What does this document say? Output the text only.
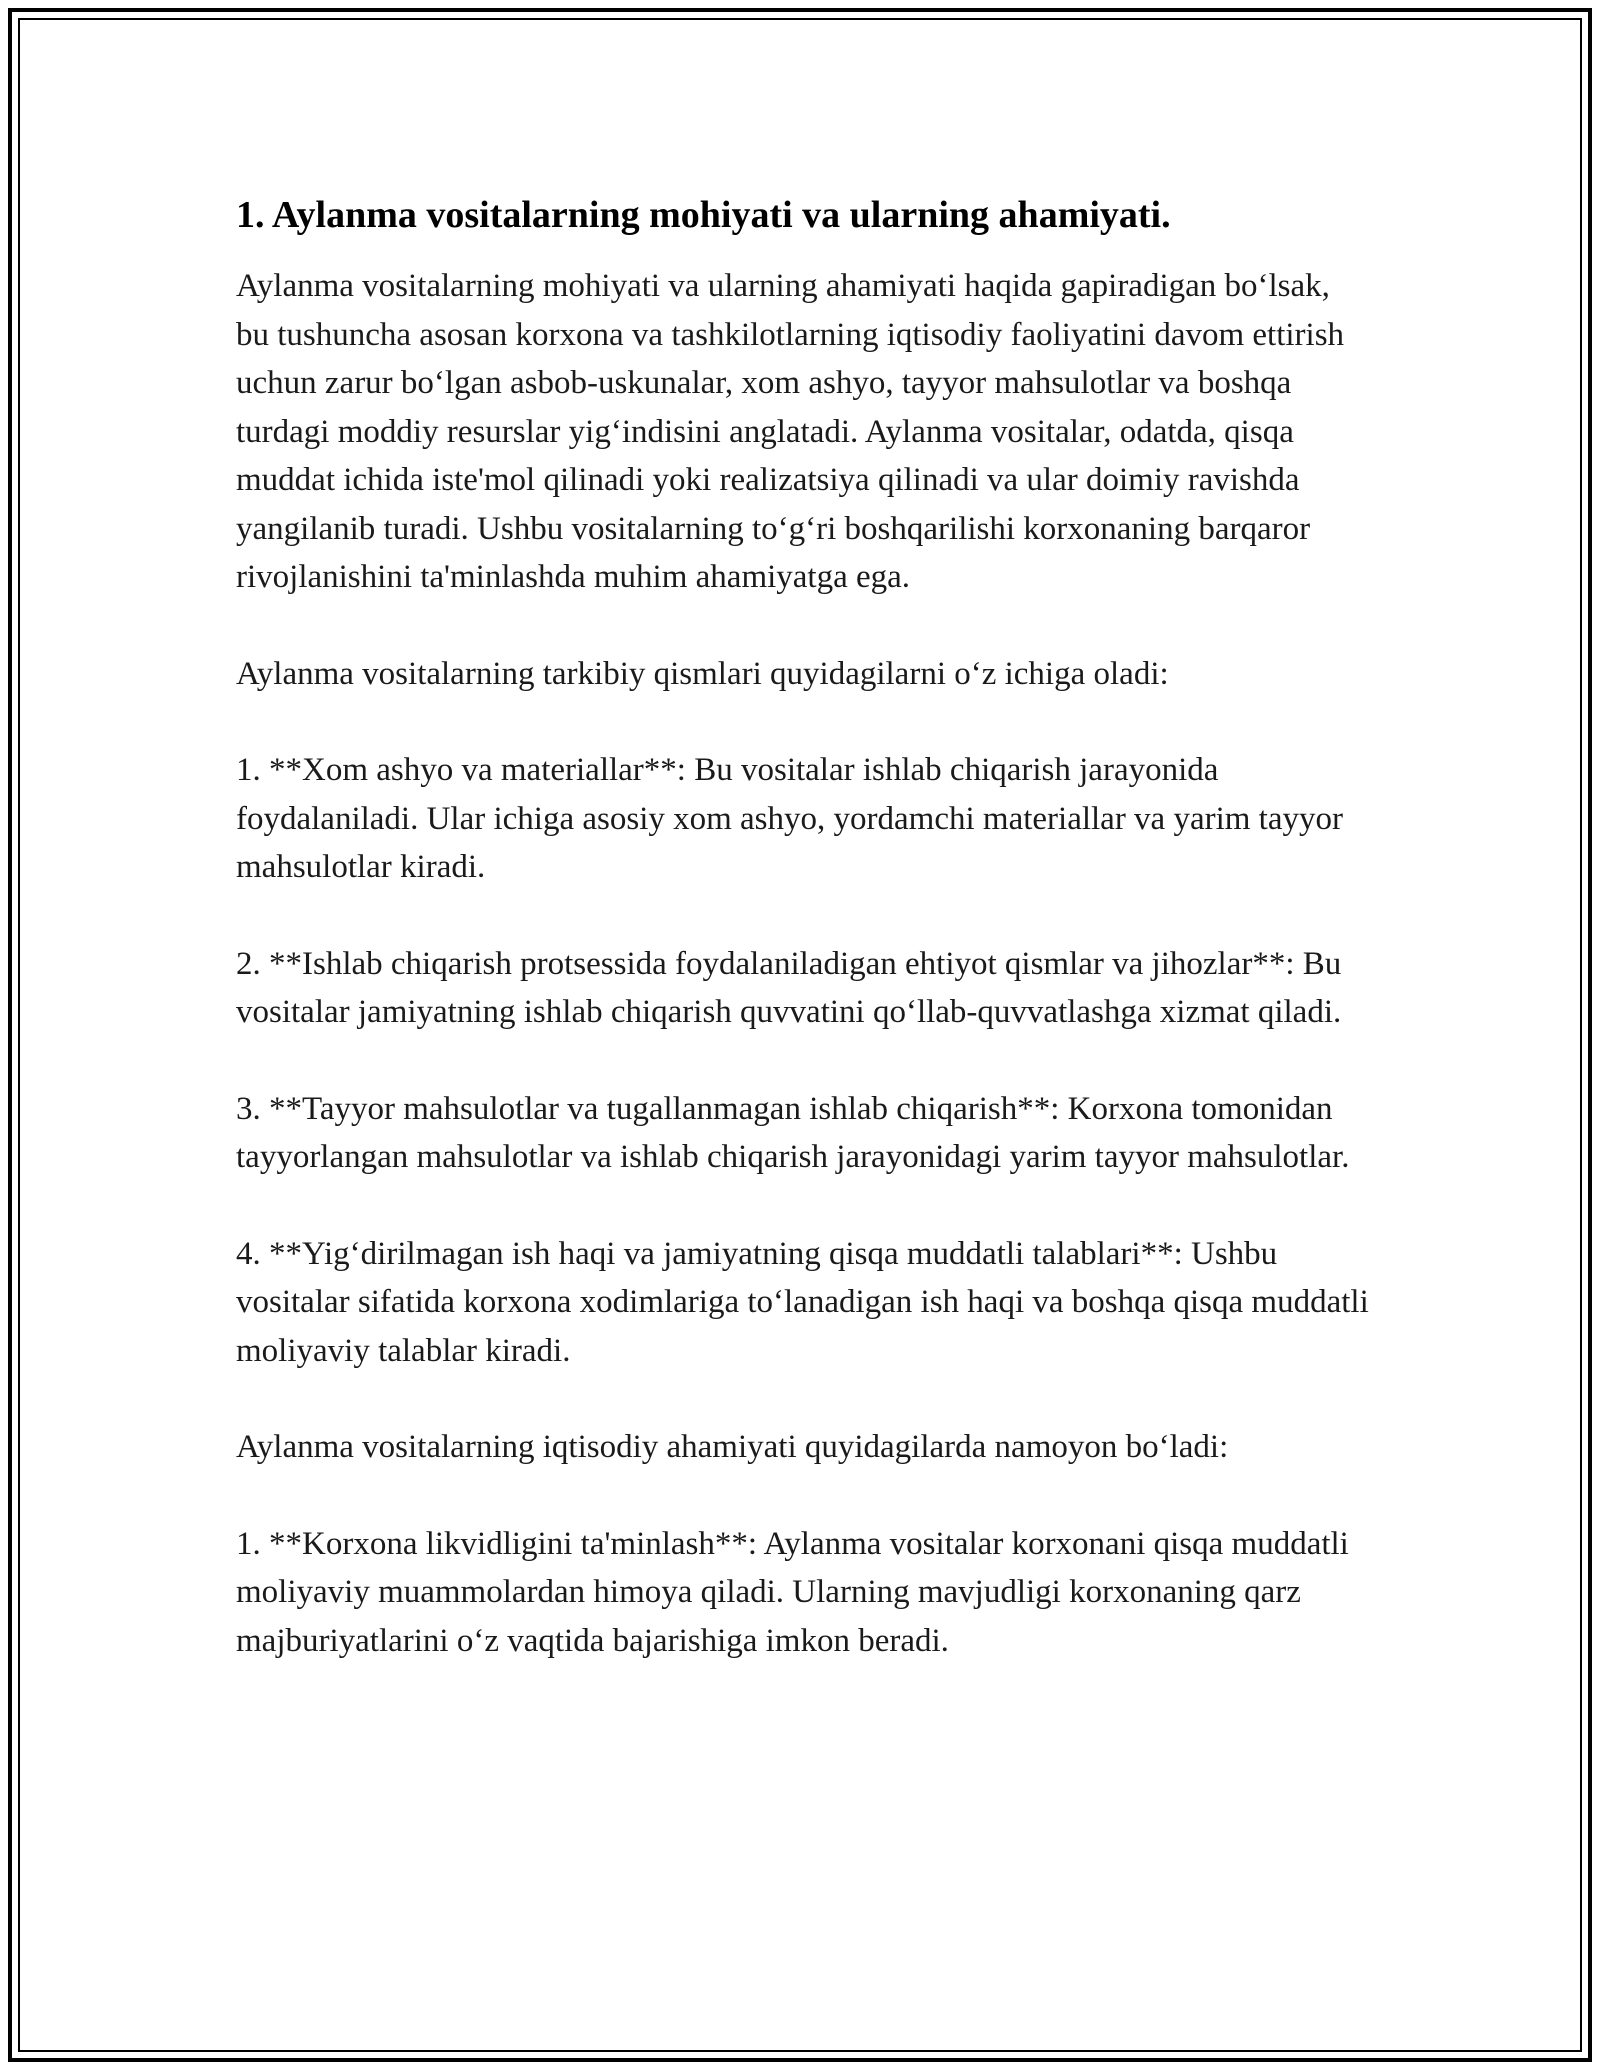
1. Aylanma vositalarning mohiyati va ularning ahamiyati.

Aylanma vositalarning mohiyati va ularning ahamiyati haqida gapiradigan bo‘lsak, bu tushuncha asosan korxona va tashkilotlarning iqtisodiy faoliyatini davom ettirish uchun zarur bo‘lgan asbob-uskunalar, xom ashyo, tayyor mahsulotlar va boshqa turdagi moddiy resurslar yig‘indisini anglatadi. Aylanma vositalar, odatda, qisqa muddat ichida iste'mol qilinadi yoki realizatsiya qilinadi va ular doimiy ravishda yangilanib turadi. Ushbu vositalarning to‘g‘ri boshqarilishi korxonaning barqaror rivojlanishini ta'minlashda muhim ahamiyatga ega.

Aylanma vositalarning tarkibiy qismlari quyidagilarni o‘z ichiga oladi:

1. **Xom ashyo va materiallar**: Bu vositalar ishlab chiqarish jarayonida foydalaniladi. Ular ichiga asosiy xom ashyo, yordamchi materiallar va yarim tayyor mahsulotlar kiradi.

2. **Ishlab chiqarish protsessida foydalaniladigan ehtiyot qismlar va jihozlar**: Bu vositalar jamiyatning ishlab chiqarish quvvatini qo‘llab-quvvatlashga xizmat qiladi.

3. **Tayyor mahsulotlar va tugallanmagan ishlab chiqarish**: Korxona tomonidan tayyorlangan mahsulotlar va ishlab chiqarish jarayonidagi yarim tayyor mahsulotlar.

4. **Yig‘dirilmagan ish haqi va jamiyatning qisqa muddatli talablari**: Ushbu vositalar sifatida korxona xodimlariga to‘lanadigan ish haqi va boshqa qisqa muddatli moliyaviy talablar kiradi.

Aylanma vositalarning iqtisodiy ahamiyati quyidagilarda namoyon bo‘ladi:

1. **Korxona likvidligini ta'minlash**: Aylanma vositalar korxonani qisqa muddatli moliyaviy muammolardan himoya qiladi. Ularning mavjudligi korxonaning qarz majburiyatlarini o‘z vaqtida bajarishiga imkon beradi.
